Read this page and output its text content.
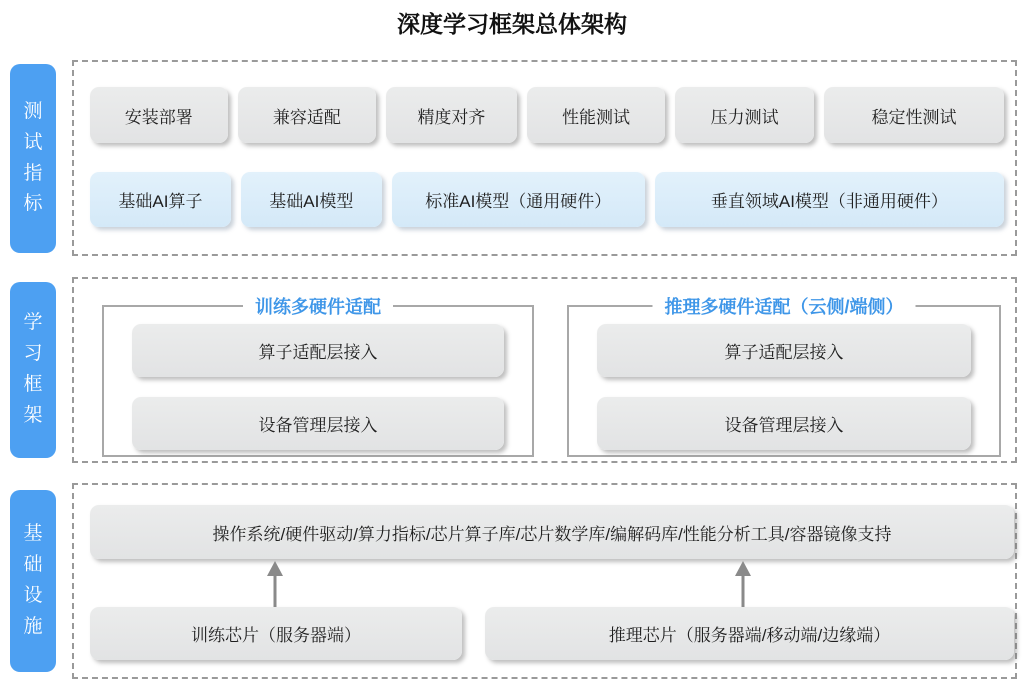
深度学习框架总体架构
测试指标
安装部署	兼容适配	精度对齐	性能测试	压力测试	稳定性测试
基础AI算子	基础AI模型	标准AI模型（通用硬件）	垂直领域AI模型（非通用硬件）
学习框架
训练多硬件适配
算子适配层接入
设备管理层接入
推理多硬件适配（云侧/端侧）
算子适配层接入
设备管理层接入
基础设施
操作系统/硬件驱动/算力指标/芯片算子库/芯片数学库/编解码库/性能分析工具/容器镜像支持
训练芯片（服务器端）	推理芯片（服务器端/移动端/边缘端）
